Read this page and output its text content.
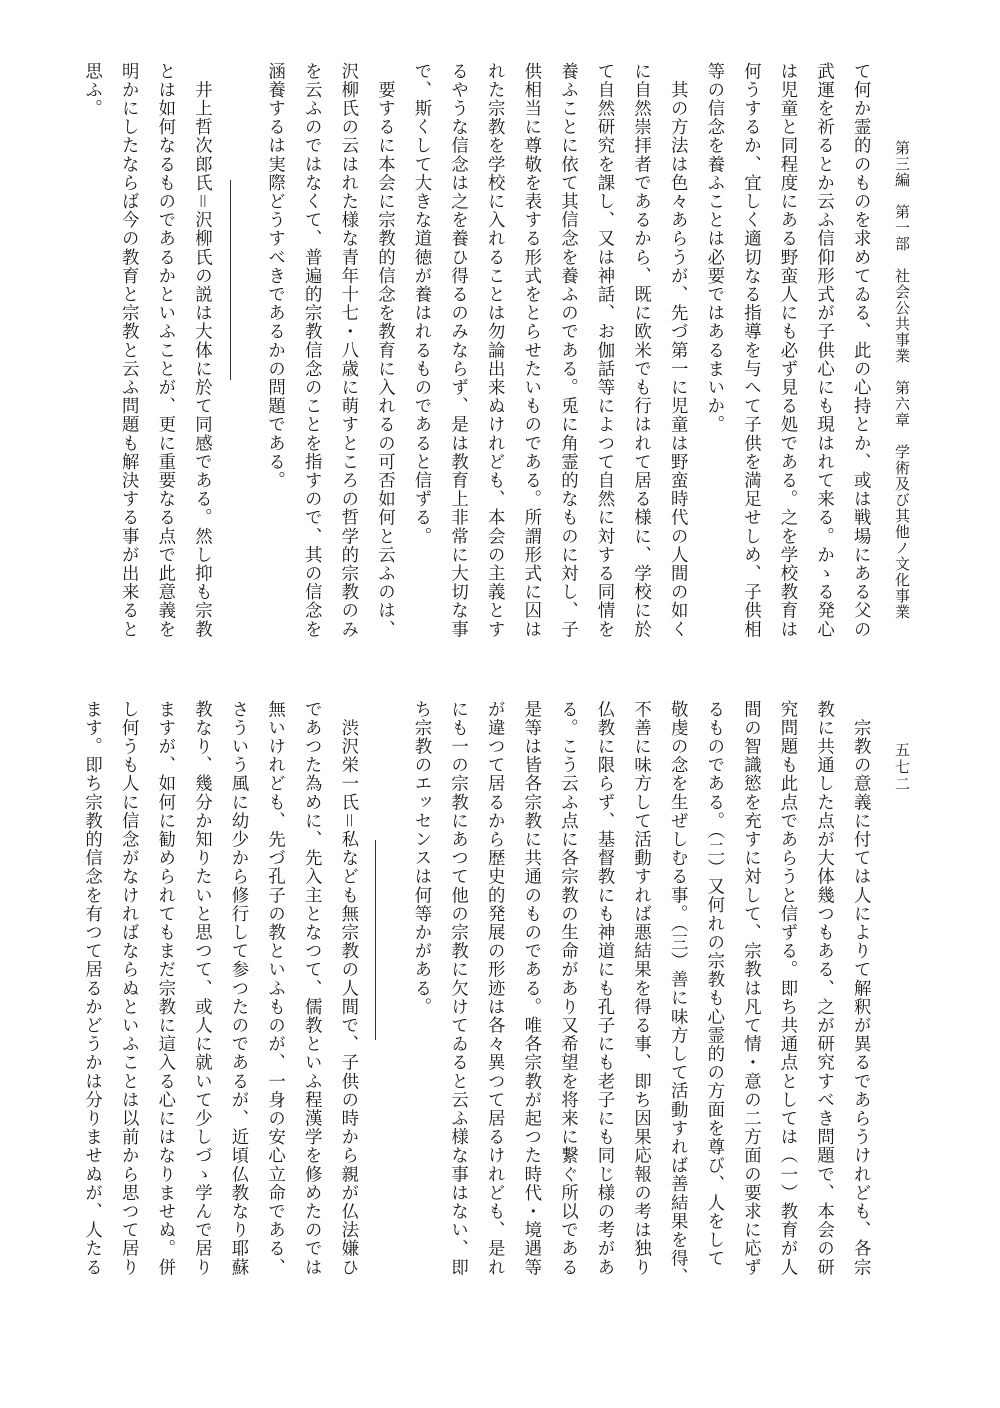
第三編　第一部　社会公共事業　第六章　学術及び其他ノ文化事業
五七二
て何か霊的のものを求めてゐる、此の心持とか、或は戦場にある父の
武運を祈るとか云ふ信仰形式が子供心にも現はれて来る。かゝる発心
は児童と同程度にある野蛮人にも必ず見る処である。之を学校教育は
何うするか、宜しく適切なる指導を与へて子供を満足せしめ、子供相
等の信念を養ふことは必要ではあるまいか。
　其の方法は色々あらうが、先づ第一に児童は野蛮時代の人間の如く
に自然崇拝者であるから、既に欧米でも行はれて居る様に、学校に於
て自然研究を課し、又は神話、お伽話等によつて自然に対する同情を
養ふことに依て其信念を養ふのである。兎に角霊的なものに対し、子
供相当に尊敬を表する形式をとらせたいものである。所謂形式に囚は
れた宗教を学校に入れることは勿論出来ぬけれども、本会の主義とす
るやうな信念は之を養ひ得るのみならず、是は教育上非常に大切な事
で、斯くして大きな道徳が養はれるものであると信ずる。
　要するに本会に宗教的信念を教育に入れるの可否如何と云ふのは、
沢柳氏の云はれた様な青年十七・八歳に萌すところの哲学的宗教のみ
を云ふのではなくて、普遍的宗教信念のことを指すので、其の信念を
涵養するは実際どうすべきであるかの問題である。
　井上哲次郎氏＝沢柳氏の説は大体に於て同感である。然し抑も宗教
とは如何なるものであるかといふことが、更に重要なる点で此意義を
明かにしたならば今の教育と宗教と云ふ問題も解決する事が出来ると
思ふ。
　宗教の意義に付ては人によりて解釈が異るであらうけれども、各宗
教に共通した点が大体幾つもある、之が研究すべき問題で、本会の研
究問題も此点であらうと信ずる。即ち共通点としては（一）教育が人
間の智識慾を充すに対して、宗教は凡て情・意の二方面の要求に応ず
るものである。（二）又何れの宗教も心霊的の方面を尊び、人をして
敬虔の念を生ぜしむる事。（三）善に味方して活動すれば善結果を得、
不善に味方して活動すれば悪結果を得る事、即ち因果応報の考は独り
仏教に限らず、基督教にも神道にも孔子にも老子にも同じ様の考があ
る。こう云ふ点に各宗教の生命があり又希望を将来に繋ぐ所以である
是等は皆各宗教に共通のものである。唯各宗教が起つた時代・境遇等
が違つて居るから歴史的発展の形迹は各々異つて居るけれども、是れ
にも一の宗教にあつて他の宗教に欠けてゐると云ふ様な事はない、即
ち宗教のエッセンスは何等かがある。
　渋沢栄一氏＝私なども無宗教の人間で、子供の時から親が仏法嫌ひ
であつた為めに、先入主となつて、儒教といふ程漢学を修めたのでは
無いけれども、先づ孔子の教といふものが、一身の安心立命である、
さういう風に幼少から修行して参つたのであるが、近頃仏教なり耶蘇
教なり、幾分か知りたいと思つて、或人に就いて少しづゝ学んで居り
ますが、如何に勧められてもまだ宗教に這入る心にはなりませぬ。併
し何うも人に信念がなければならぬといふことは以前から思つて居り
ます。即ち宗教的信念を有つて居るかどうかは分りませぬが、人たる
